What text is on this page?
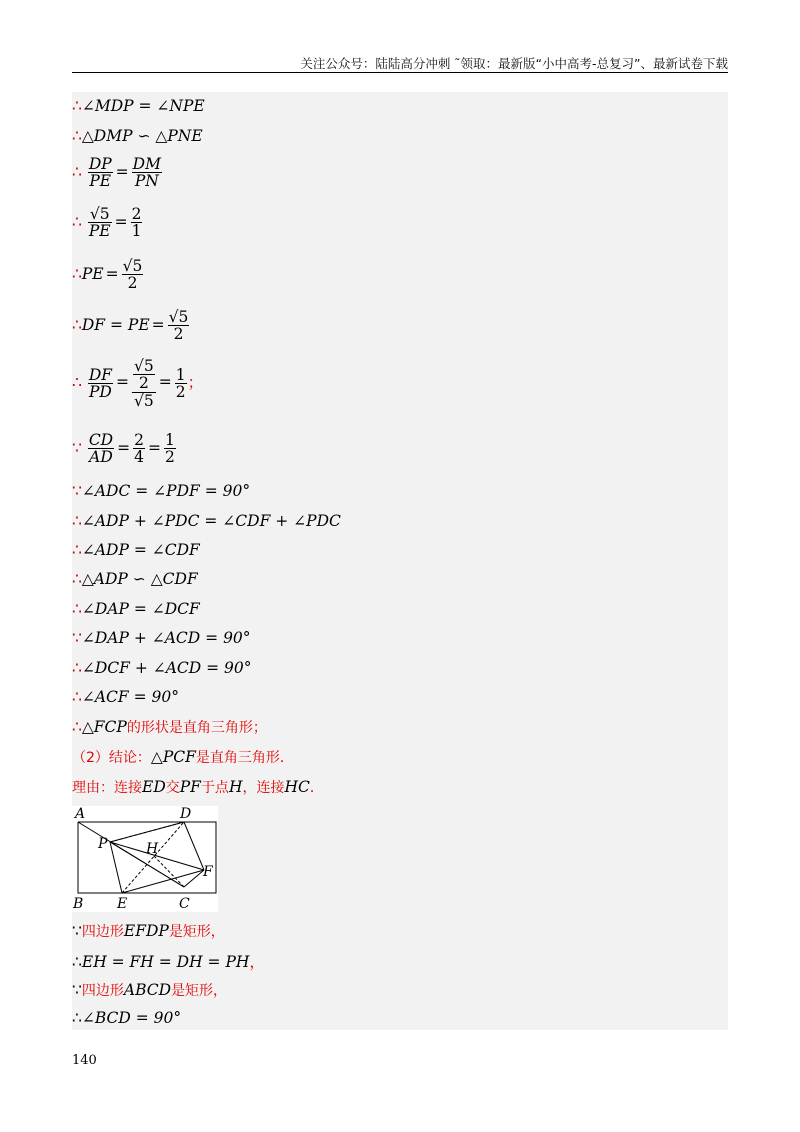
关注公众号：陆陆高分冲刺 ˜领取：最新版“小中高考-总复习”、最新试卷下载
∴∠MDP = ∠NPE
∴△DMP ∽ △PNE
∴ $\frac{DP}{PE} = \frac{DM}{PN}$
∴ $\frac{√5}{PE} = \frac{2}{1}$
∴PE = $\frac{√5}{2}$
∴DF = PE = $\frac{√5}{2}$
∴ $\frac{DF}{PD} = \frac{\frac{√5}{2}}{√5} = \frac{1}{2}$ ；
∵ $\frac{CD}{AD} = \frac{2}{4} = \frac{1}{2}$
∵∠ADC = ∠PDF = 90°
∴∠ADP + ∠PDC = ∠CDF + ∠PDC
∴∠ADP = ∠CDF
∴△ADP ∽ △CDF
∴∠DAP = ∠DCF
∵∠DAP + ∠ACD = 90°
∴∠DCF + ∠ACD = 90°
∴∠ACF = 90°
∴△FCP的形状是直角三角形；
（2）结论：△PCF是直角三角形．
理由：连接ED交PF于点H，连接HC．
A	D
P	H
F
B E	C
∵四边形EFDP是矩形，
∴EH = FH = DH = PH，
∵四边形ABCD是矩形，
∴∠BCD = 90°
140
